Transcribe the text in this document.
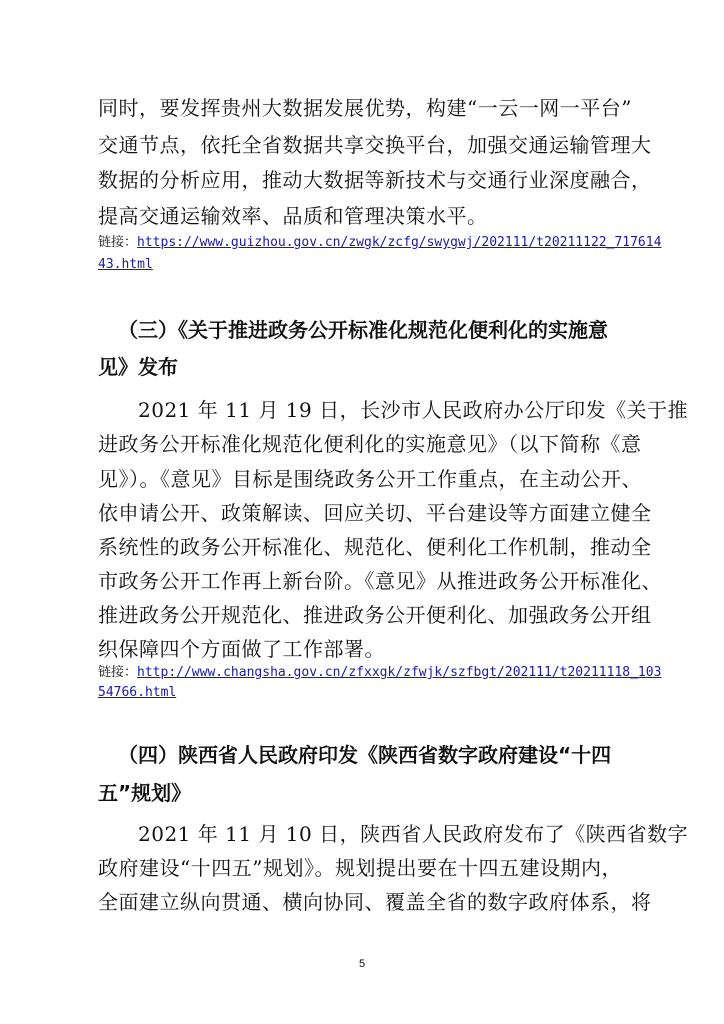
同时，要发挥贵州大数据发展优势，构建“一云一网一平台”
交通节点，依托全省数据共享交换平台，加强交通运输管理大
数据的分析应用，推动大数据等新技术与交通行业深度融合，
提高交通运输效率、品质和管理决策水平。
链接：https://www.guizhou.gov.cn/zwgk/zcfg/swygwj/202111/t20211122_717614
43.html
（三）《关于推进政务公开标准化规范化便利化的实施意
见》发布
2021 年 11 月 19 日，长沙市人民政府办公厅印发《关于推
进政务公开标准化规范化便利化的实施意见》（以下简称《意
见》）。《意见》目标是围绕政务公开工作重点，在主动公开、
依申请公开、政策解读、回应关切、平台建设等方面建立健全
系统性的政务公开标准化、规范化、便利化工作机制，推动全
市政务公开工作再上新台阶。《意见》从推进政务公开标准化、
推进政务公开规范化、推进政务公开便利化、加强政务公开组
织保障四个方面做了工作部署。
链接：http://www.changsha.gov.cn/zfxxgk/zfwjk/szfbgt/202111/t20211118_103
54766.html
（四）陕西省人民政府印发《陕西省数字政府建设“十四
五”规划》
2021 年 11 月 10 日，陕西省人民政府发布了《陕西省数字
政府建设“十四五”规划》。规划提出要在十四五建设期内，
全面建立纵向贯通、横向协同、覆盖全省的数字政府体系，将
5
